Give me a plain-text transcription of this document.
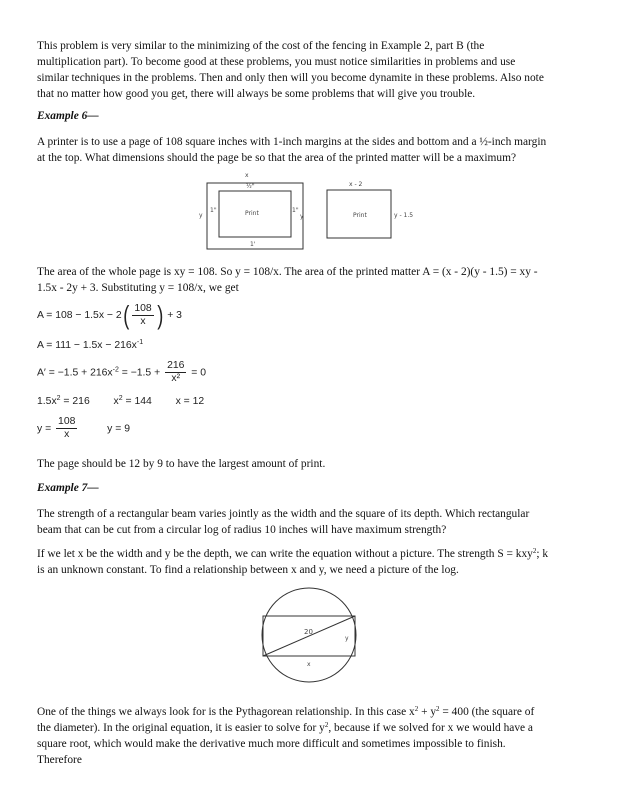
This problem is very similar to the minimizing of the cost of the fencing in Example 2, part B (the

multiplication part). To become good at these problems, you must notice similarities in problems and use

similar techniques in the problems. Then and only then will you become dynamite in these problems. Also note

that no matter how good you get, there will always be some problems that will give you trouble.

Example 6—

A printer is to use a page of 108 square inches with 1-inch margins at the sides and bottom and a ½-inch margin

at the top. What dimensions should the page be so that the area of the printed matter will be a maximum?

x
½"
y
1"	1"
y
1'
Print
x - 2
Print	y - 1.5

The area of the whole page is xy = 108. So y = 108/x. The area of the printed matter A = (x - 2)(y - 1.5) = xy -

1.5x - 2y + 3. Substituting y = 108/x, we get

$A = 108 - 1.5x - 2( \frac{108}{x}$ ) + 3
$A = 111 - 1.5x - 216x^{-1}$
$A' = -1.5 + 216x^{-2} = -1.5 + \frac{216}{\text{x²}} = 0$
$1.5x^2 = 216$ $x^2 = 144$ x = 12
$y = \frac{108}{x}$	y = 9

The page should be 12 by 9 to have the largest amount of print.

Example 7—

The strength of a rectangular beam varies jointly as the width and the square of its depth. Which rectangular

beam that can be cut from a circular log of radius 10 inches will have maximum strength?

If we let x be the width and y be the depth, we can write the equation without a picture. The strength S = kxy$^2$; k

is an unknown constant. To find a relationship between x and y, we need a picture of the log.

20
y
x

One of the things we always look for is the Pythagorean relationship. In this case $x^2 + y^2 = 400$ (the square of

the diameter). In the original equation, it is easier to solve for $y^2$, because if we solved for x we would have a

square root, which would make the derivative much more difficult and sometimes impossible to finish.

Therefore
